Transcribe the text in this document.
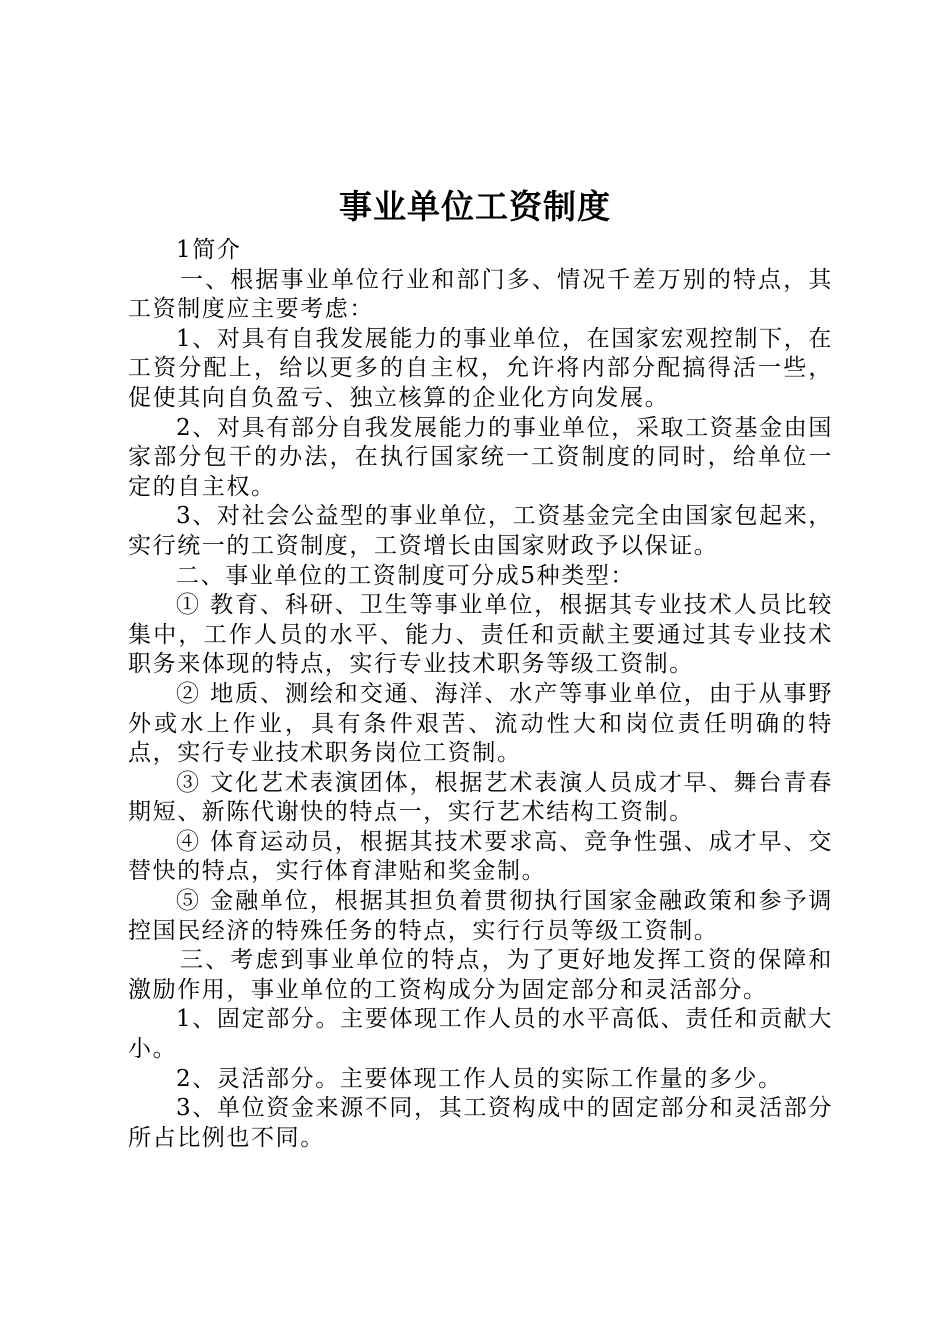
事业单位工资制度

1简介

一、根据事业单位行业和部门多、情况千差万别的特点，其工资制度应主要考虑：

1、对具有自我发展能力的事业单位，在国家宏观控制下，在工资分配上，给以更多的自主权，允许将内部分配搞得活一些，促使其向自负盈亏、独立核算的企业化方向发展。

2、对具有部分自我发展能力的事业单位，采取工资基金由国家部分包干的办法，在执行国家统一工资制度的同时，给单位一定的自主权。

3、对社会公益型的事业单位，工资基金完全由国家包起来，实行统一的工资制度，工资增长由国家财政予以保证。

二、事业单位的工资制度可分成5种类型：

① 教育、科研、卫生等事业单位，根据其专业技术人员比较集中，工作人员的水平、能力、责任和贡献主要通过其专业技术职务来体现的特点，实行专业技术职务等级工资制。

② 地质、测绘和交通、海洋、水产等事业单位，由于从事野外或水上作业，具有条件艰苦、流动性大和岗位责任明确的特点，实行专业技术职务岗位工资制。

③ 文化艺术表演团体，根据艺术表演人员成才早、舞台青春期短、新陈代谢快的特点一，实行艺术结构工资制。

④ 体育运动员，根据其技术要求高、竞争性强、成才早、交替快的特点，实行体育津贴和奖金制。

⑤ 金融单位，根据其担负着贯彻执行国家金融政策和参予调控国民经济的特殊任务的特点，实行行员等级工资制。

三、考虑到事业单位的特点，为了更好地发挥工资的保障和激励作用，事业单位的工资构成分为固定部分和灵活部分。

1、固定部分。主要体现工作人员的水平高低、责任和贡献大小。

2、灵活部分。主要体现工作人员的实际工作量的多少。

3、单位资金来源不同，其工资构成中的固定部分和灵活部分所占比例也不同。
